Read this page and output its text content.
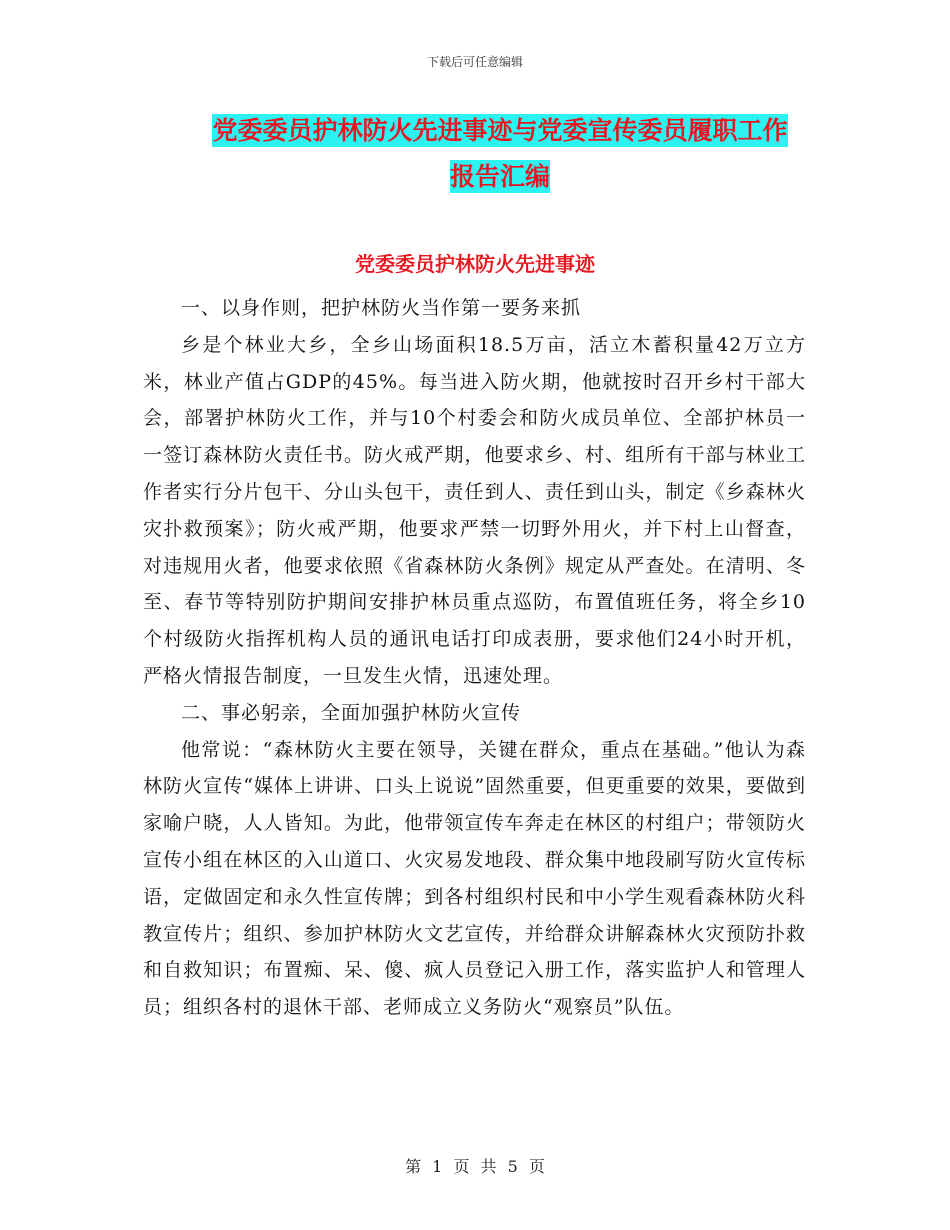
下载后可任意编辑
党委委员护林防火先进事迹与党委宣传委员履职工作
报告汇编
党委委员护林防火先进事迹

一、以身作则，把护林防火当作第一要务来抓

乡是个林业大乡，全乡山场面积18.5万亩，活立木蓄积量42万立方米，林业产值占GDP的45%。每当进入防火期，他就按时召开乡村干部大会，部署护林防火工作，并与10个村委会和防火成员单位、全部护林员一一签订森林防火责任书。防火戒严期，他要求乡、村、组所有干部与林业工作者实行分片包干、分山头包干，责任到人、责任到山头，制定《乡森林火灾扑救预案》；防火戒严期，他要求严禁一切野外用火，并下村上山督查，对违规用火者，他要求依照《省森林防火条例》规定从严查处。在清明、冬至、春节等特别防护期间安排护林员重点巡防，布置值班任务，将全乡10个村级防火指挥机构人员的通讯电话打印成表册，要求他们24小时开机，严格火情报告制度，一旦发生火情，迅速处理。

二、事必躬亲，全面加强护林防火宣传

他常说：“森林防火主要在领导，关键在群众，重点在基础。”他认为森林防火宣传“媒体上讲讲、口头上说说”固然重要，但更重要的效果，要做到家喻户晓，人人皆知。为此，他带领宣传车奔走在林区的村组户；带领防火宣传小组在林区的入山道口、火灾易发地段、群众集中地段刷写防火宣传标语，定做固定和永久性宣传牌；到各村组织村民和中小学生观看森林防火科教宣传片；组织、参加护林防火文艺宣传，并给群众讲解森林火灾预防扑救和自救知识；布置痴、呆、傻、疯人员登记入册工作，落实监护人和管理人员；组织各村的退休干部、老师成立义务防火“观察员”队伍。

第 1 页 共 5 页
